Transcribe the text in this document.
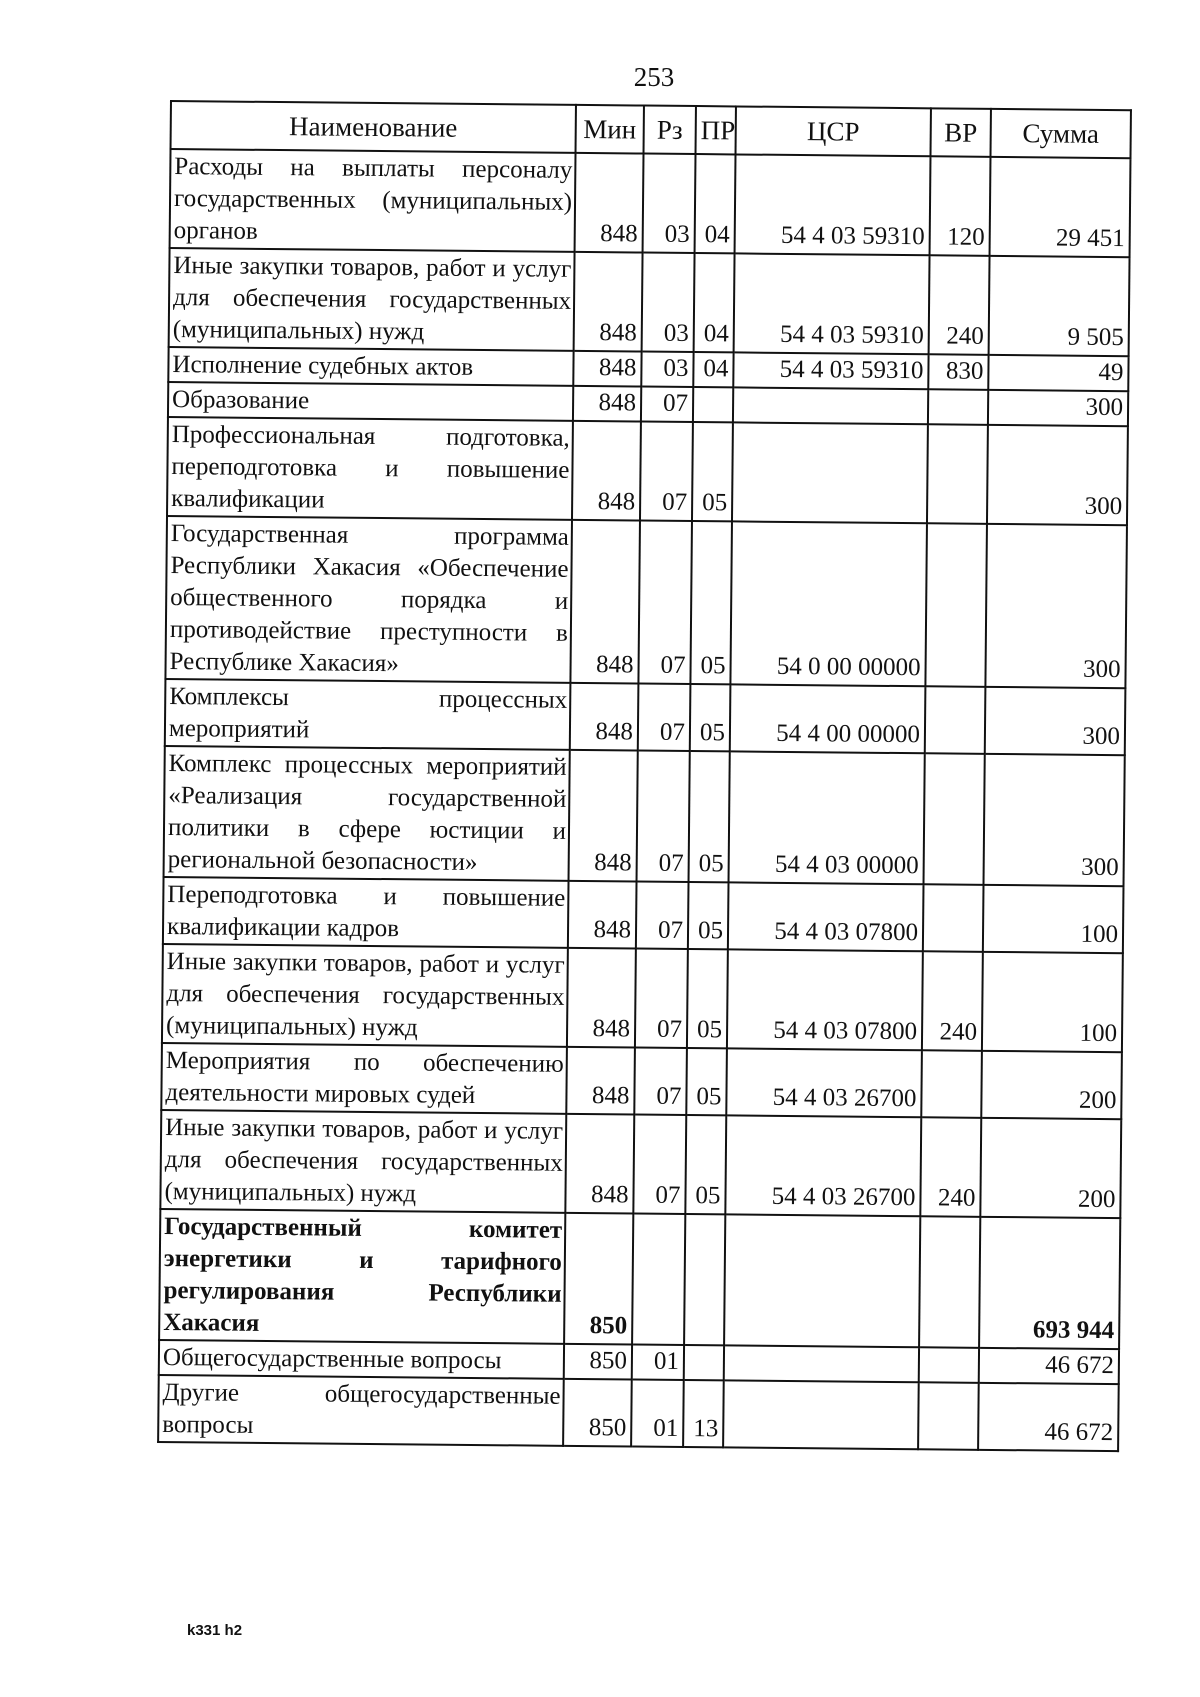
253
Наименование	Мин	Рз	ПР	ЦСР	ВР	Сумма
Расходы на выплаты персоналу государственных (муниципальных) органов	848	03	04	54 4 03 59310	120	29 451
Иные закупки товаров, работ и услуг для обеспечения государственных (муниципальных) нужд	848	03	04	54 4 03 59310	240	9 505
Исполнение судебных актов	848	03	04	54 4 03 59310	830	49
Образование	848	07				300
Профессиональная подготовка, переподготовка и повышение квалификации	848	07	05			300
Государственная программа Республики Хакасия «Обеспечение общественного порядка и противодействие преступности в Республике Хакасия»	848	07	05	54 0 00 00000		300
Комплексы процессных мероприятий	848	07	05	54 4 00 00000		300
Комплекс процессных мероприятий «Реализация государственной политики в сфере юстиции и региональной безопасности»	848	07	05	54 4 03 00000		300
Переподготовка и повышение квалификации кадров	848	07	05	54 4 03 07800		100
Иные закупки товаров, работ и услуг для обеспечения государственных (муниципальных) нужд	848	07	05	54 4 03 07800	240	100
Мероприятия по обеспечению деятельности мировых судей	848	07	05	54 4 03 26700		200
Иные закупки товаров, работ и услуг для обеспечения государственных (муниципальных) нужд	848	07	05	54 4 03 26700	240	200
Государственный комитет энергетики и тарифного регулирования Республики Хакасия	850					693 944
Общегосударственные вопросы	850	01				46 672
Другие общегосударственные вопросы	850	01	13			46 672
k331 h2
